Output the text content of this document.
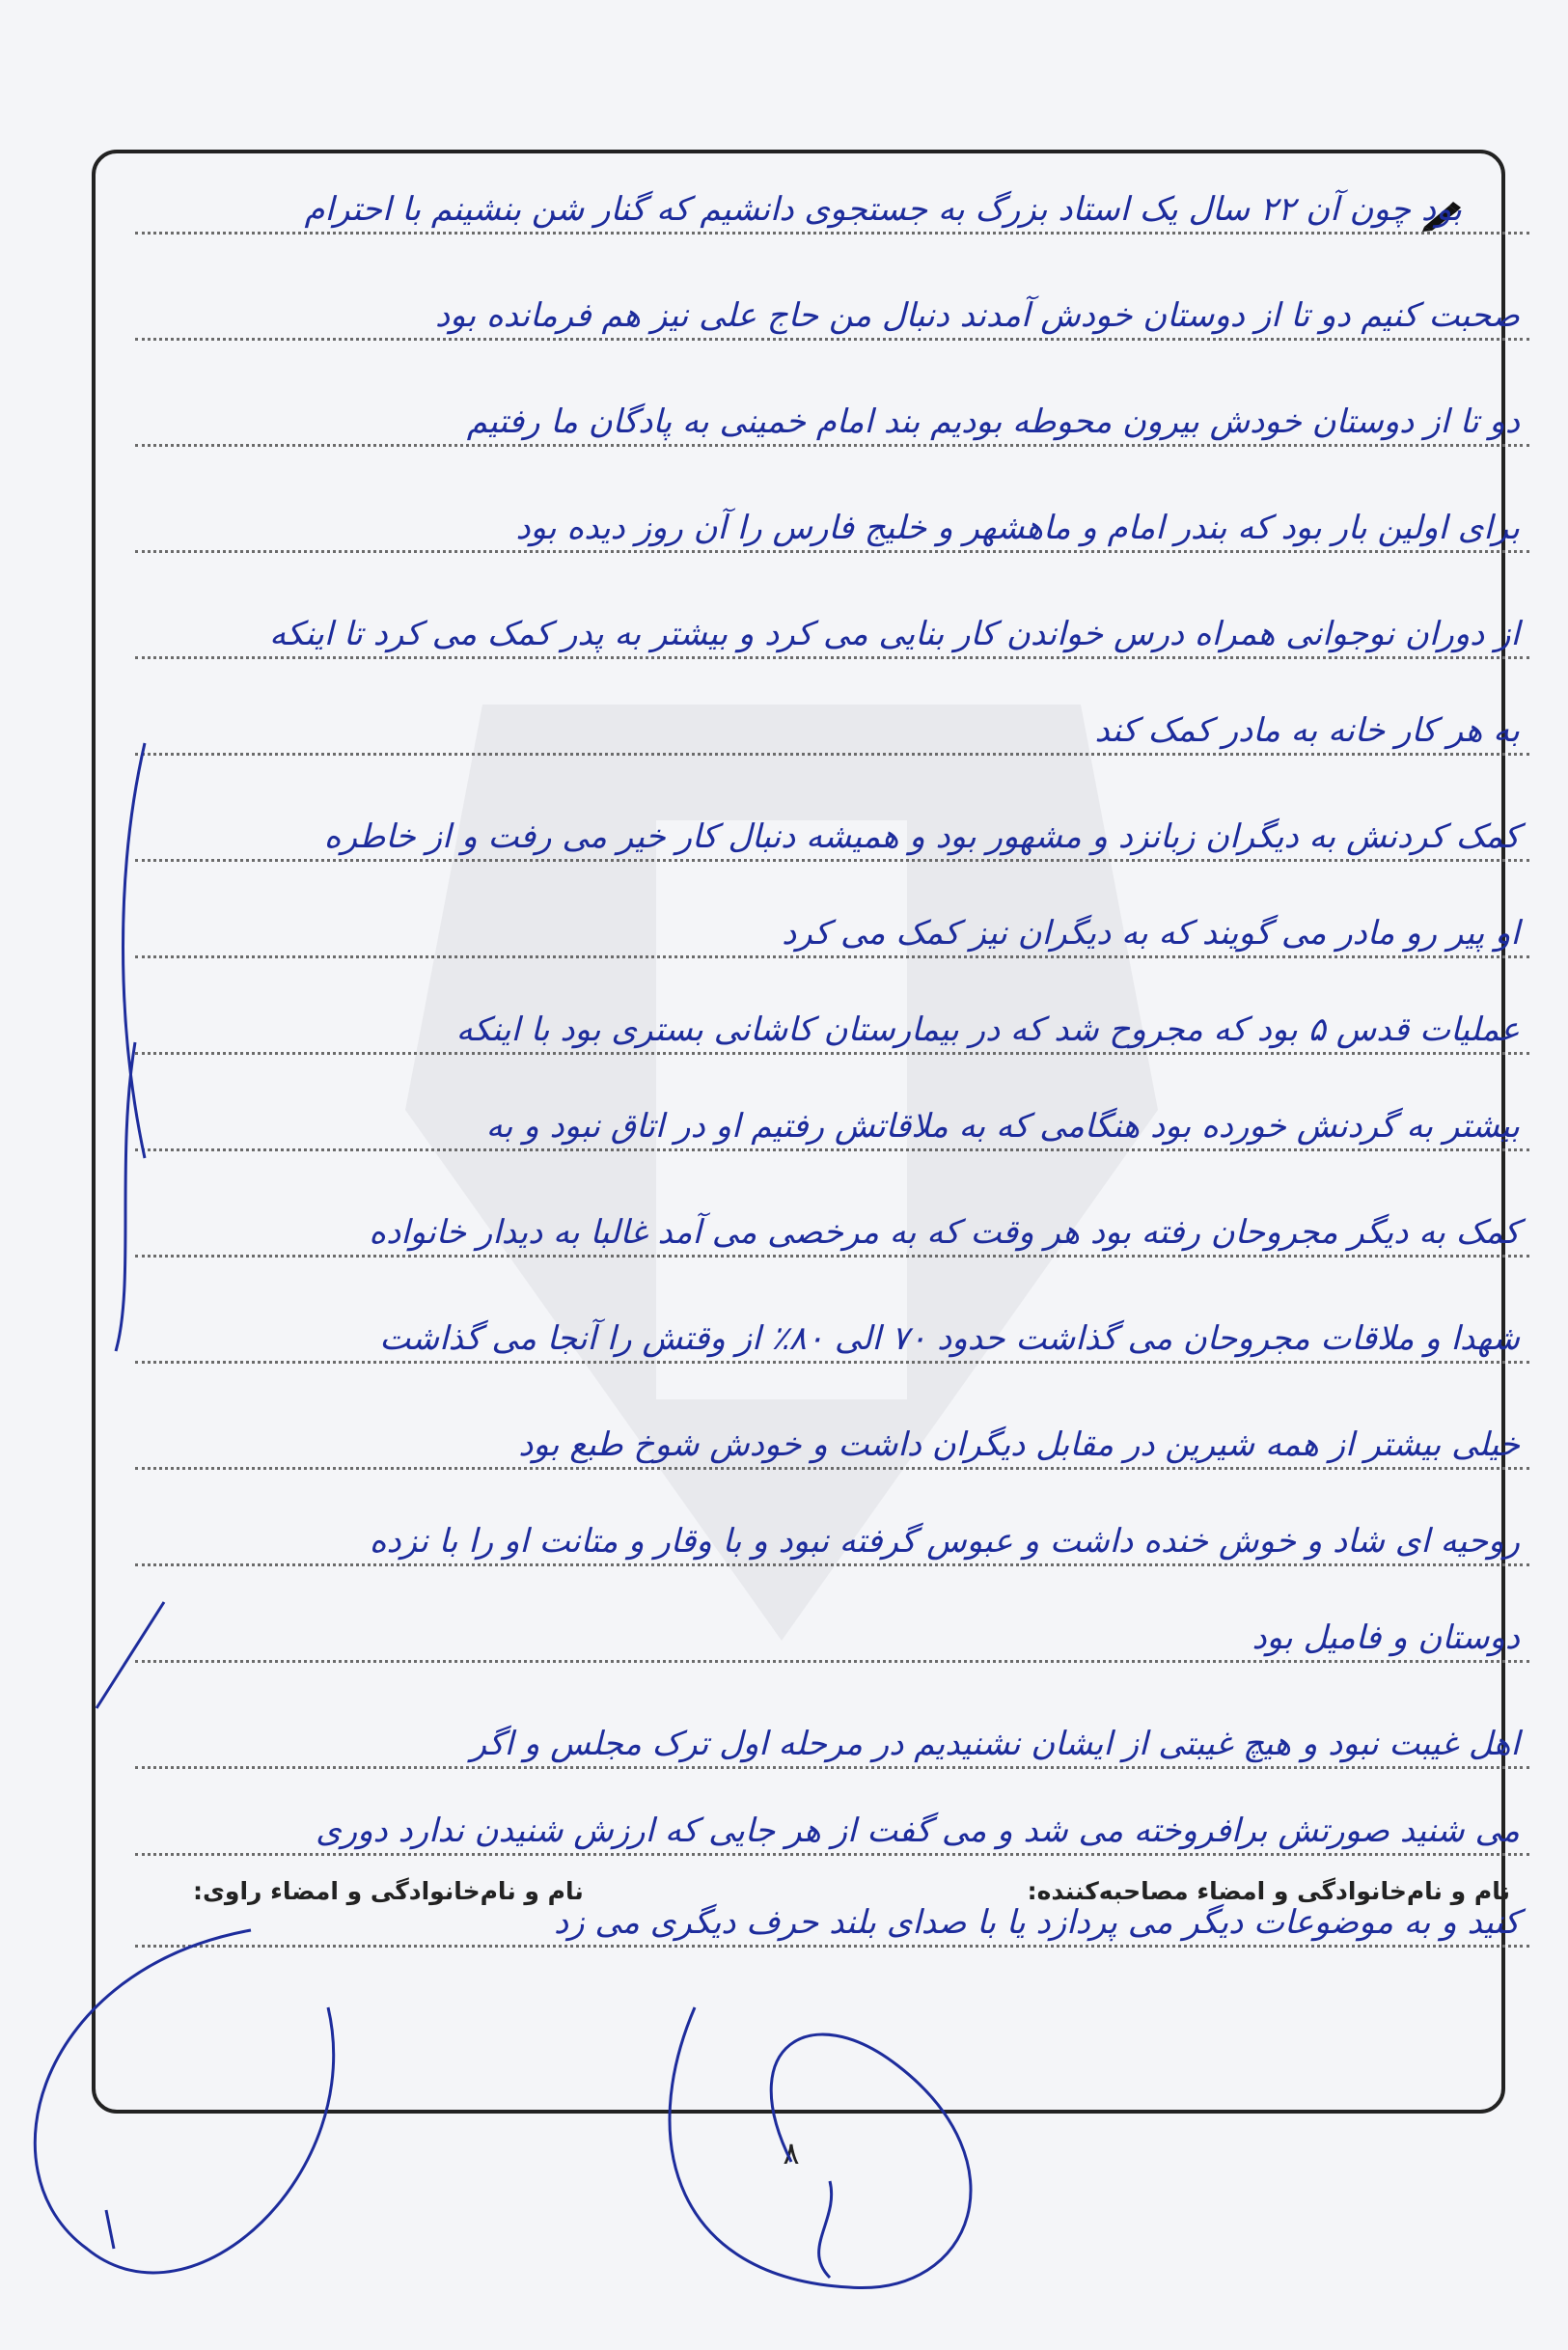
بود چون آن ۲۲ سال یک استاد بزرگ به جستجوی دانشیم که گنار شن بنشینم با احترام
صحبت کنیم دو تا از دوستان خودش آمدند دنبال من حاج علی نیز هم فرمانده بود
دو تا از دوستان خودش بیرون محوطه بودیم بند امام خمینی به پادگان ما رفتیم
برای اولین بار بود که بندر امام و ماهشهر و خلیج فارس را آن روز دیده بود
از دوران نوجوانی همراه درس خواندن کار بنایی می کرد و بیشتر به پدر کمک می کرد تا اینکه
به هر کار خانه به مادر کمک کند
کمک کردنش به دیگران زبانزد و مشهور بود و همیشه دنبال کار خیر می رفت و از خاطره
او پیر رو مادر می گویند که به دیگران نیز کمک می کرد
عملیات قدس ۵ بود که مجروح شد که در بیمارستان کاشانی بستری بود با اینکه
بیشتر به گردنش خورده بود هنگامی که به ملاقاتش رفتیم او در اتاق نبود و به
کمک به دیگر مجروحان رفته بود هر وقت که به مرخصی می آمد غالبا به دیدار خانواده
شهدا و ملاقات مجروحان می گذاشت حدود ۷۰ الی ۸۰٪ از وقتش را آنجا می گذاشت
خیلی بیشتر از همه شیرین در مقابل دیگران داشت و خودش شوخ طبع بود
روحیه ای شاد و خوش خنده داشت و عبوس گرفته نبود و با وقار و متانت او را با نزده
دوستان و فامیل بود
اهل غیبت نبود و هیچ غیبتی از ایشان نشنیدیم در مرحله اول ترک مجلس و اگر
می شنید صورتش برافروخته می شد و می گفت از هر جایی که ارزش شنیدن ندارد دوری
کنید و به موضوعات دیگر می پردازد یا با صدای بلند حرف دیگری می زد
نام و نام‌خانوادگی و امضاء مصاحبه‌کننده:
نام و نام‌خانوادگی و امضاء راوی:
۸
